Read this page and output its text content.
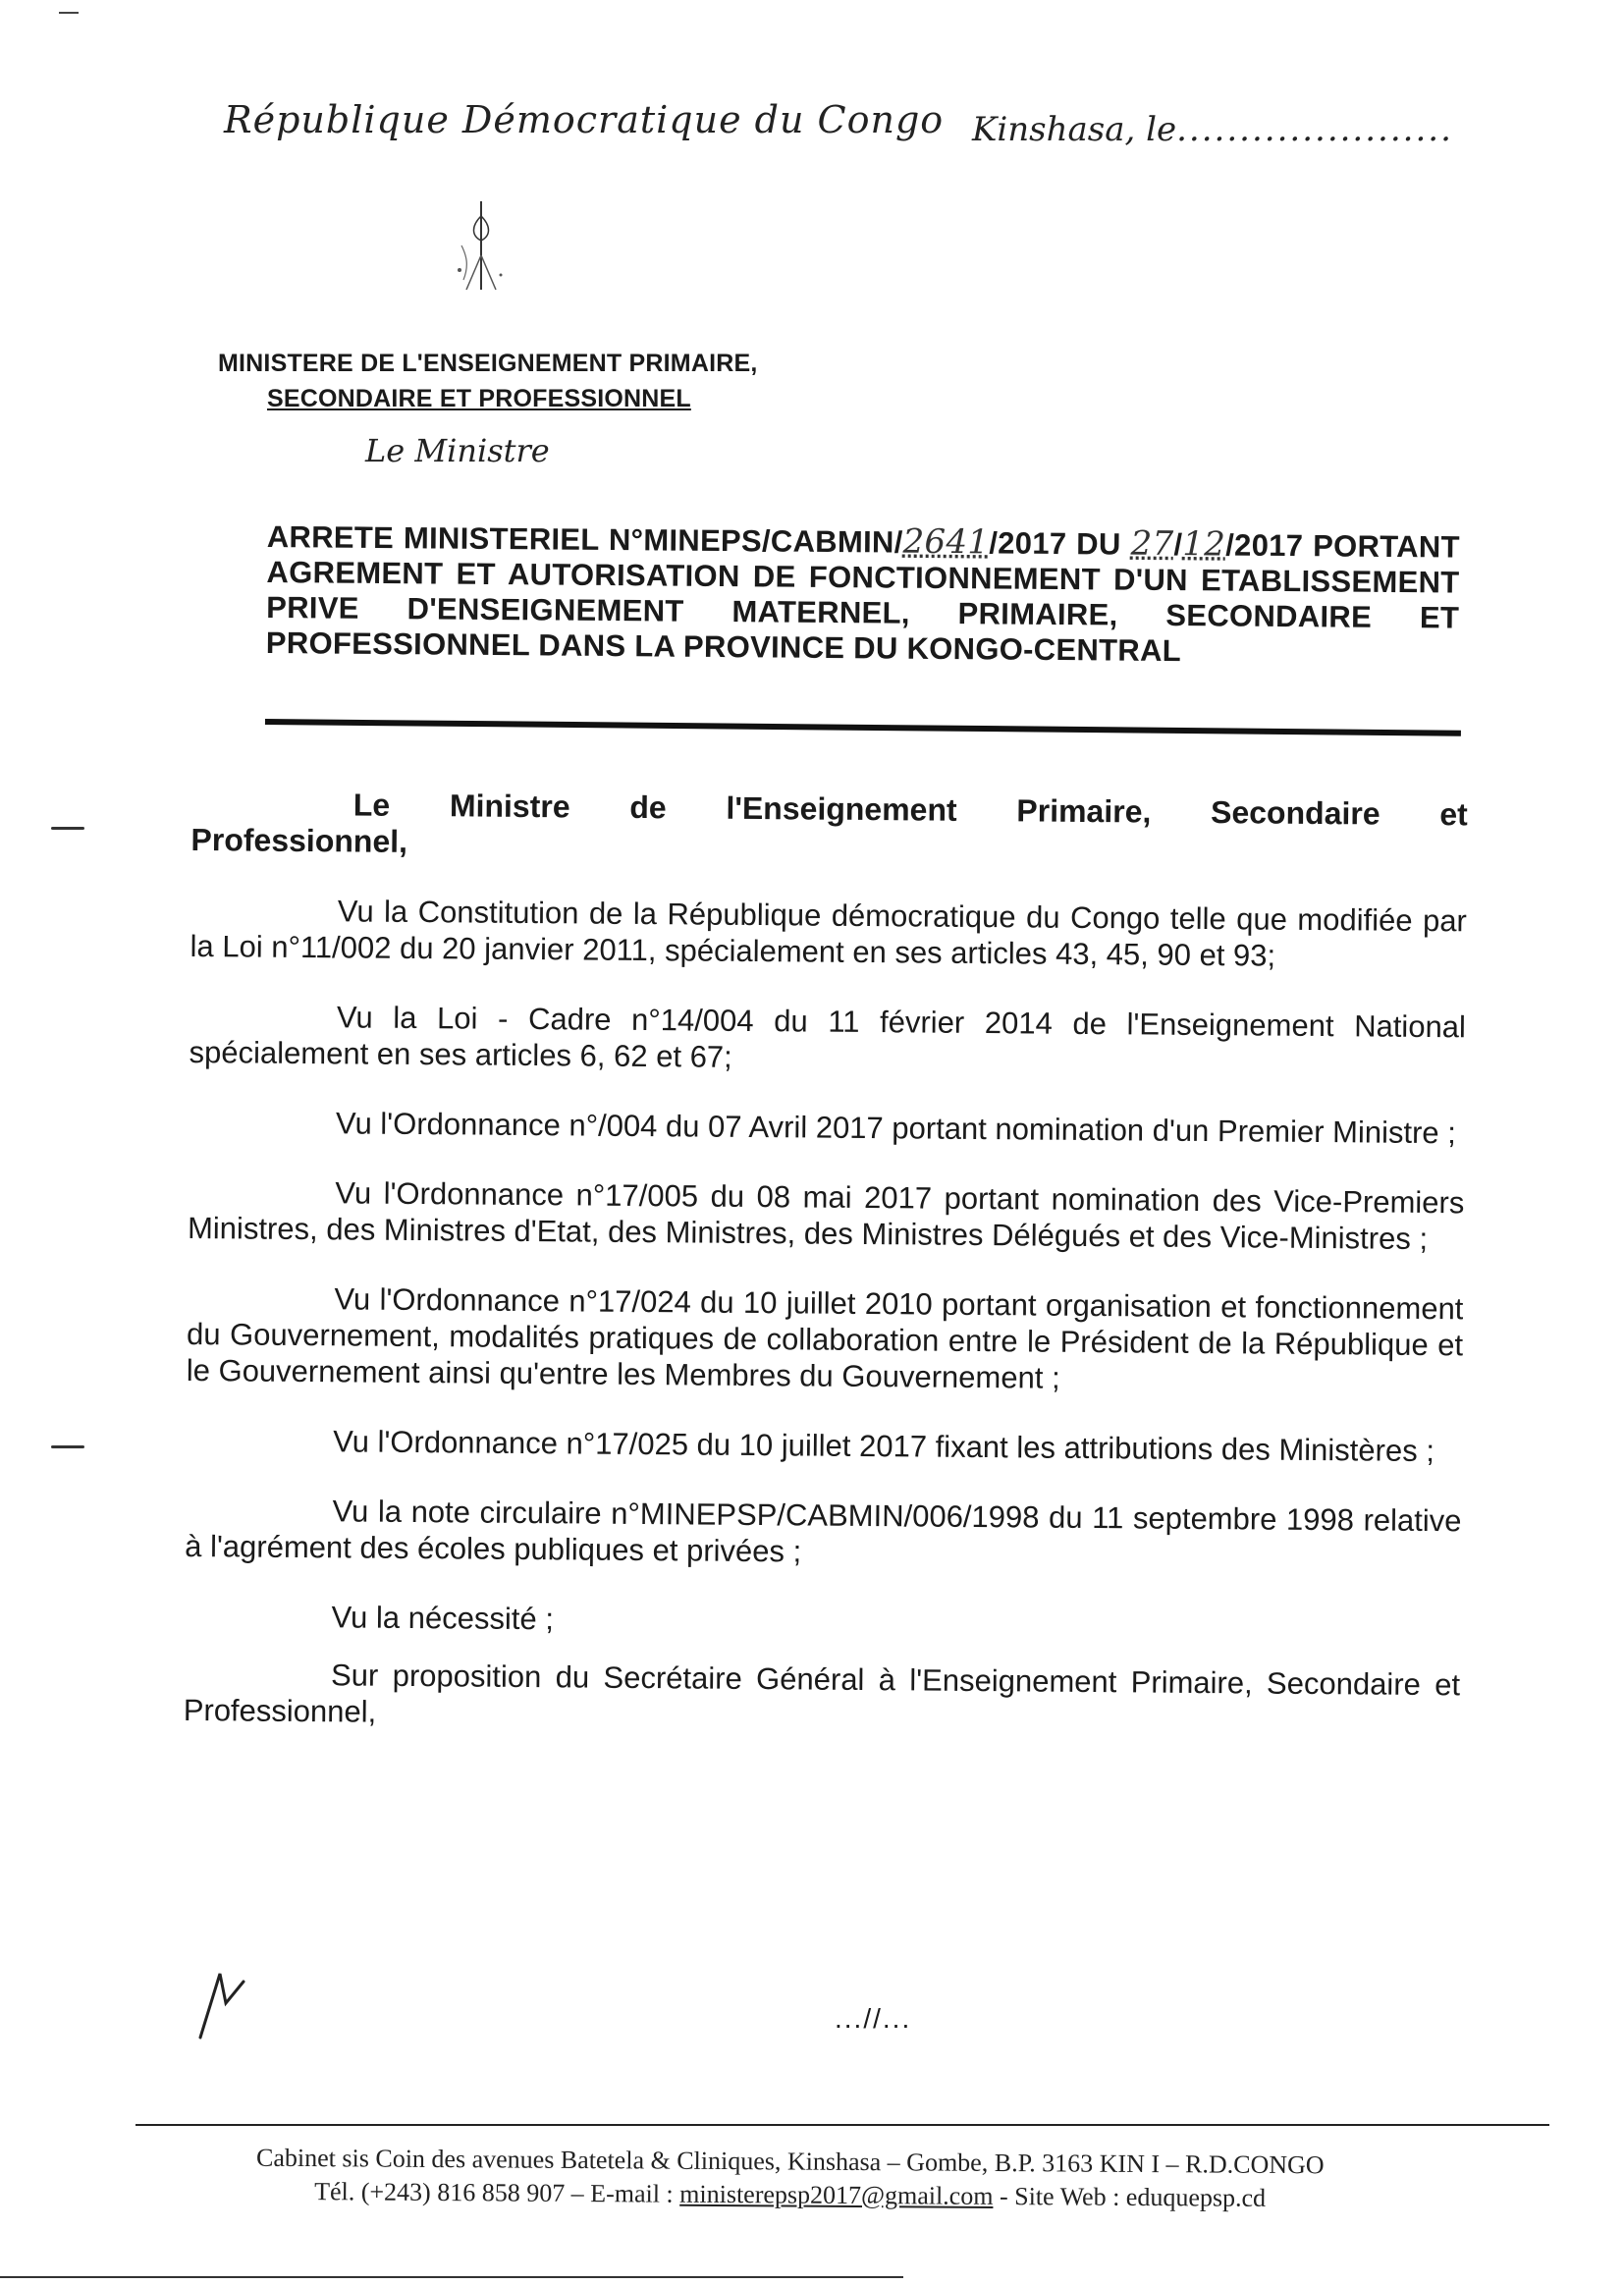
République Démocratique du Congo Kinshasa, le......................
MINISTERE DE L'ENSEIGNEMENT PRIMAIRE,
SECONDAIRE ET PROFESSIONNEL
Le Ministre
ARRETE MINISTERIEL N°MINEPS/CABMIN/2641/2017 DU 27/12/2017 PORTANT AGREMENT ET AUTORISATION DE FONCTIONNEMENT D'UN ETABLISSEMENT PRIVE D'ENSEIGNEMENT MATERNEL, PRIMAIRE, SECONDAIRE ET PROFESSIONNEL DANS LA PROVINCE DU KONGO-CENTRAL

Le Ministre de l'Enseignement Primaire, Secondaire et Professionnel,

Vu la Constitution de la République démocratique du Congo telle que modifiée par la Loi n°11/002 du 20 janvier 2011, spécialement en ses articles 43, 45, 90 et 93;

Vu la Loi - Cadre n°14/004 du 11 février 2014 de l'Enseignement National spécialement en ses articles 6, 62 et 67;

Vu l'Ordonnance n°/004 du 07 Avril 2017 portant nomination d'un Premier Ministre ;

Vu l'Ordonnance n°17/005 du 08 mai 2017 portant nomination des Vice-Premiers Ministres, des Ministres d'Etat, des Ministres, des Ministres Délégués et des Vice-Ministres ;

Vu l'Ordonnance n°17/024 du 10 juillet 2010 portant organisation et fonctionnement du Gouvernement, modalités pratiques de collaboration entre le Président de la République et le Gouvernement ainsi qu'entre les Membres du Gouvernement ;

Vu l'Ordonnance n°17/025 du 10 juillet 2017 fixant les attributions des Ministères ;

Vu la note circulaire n°MINEPSP/CABMIN/006/1998 du 11 septembre 1998 relative à l'agrément des écoles publiques et privées ;

Vu la nécessité ;

Sur proposition du Secrétaire Général à l'Enseignement Primaire, Secondaire et Professionnel,

...//...
Cabinet sis Coin des avenues Batetela & Cliniques, Kinshasa – Gombe, B.P. 3163 KIN I – R.D.CONGO
Tél. (+243) 816 858 907 – E-mail : ministerepsp2017@gmail.com - Site Web : eduquepsp.cd
